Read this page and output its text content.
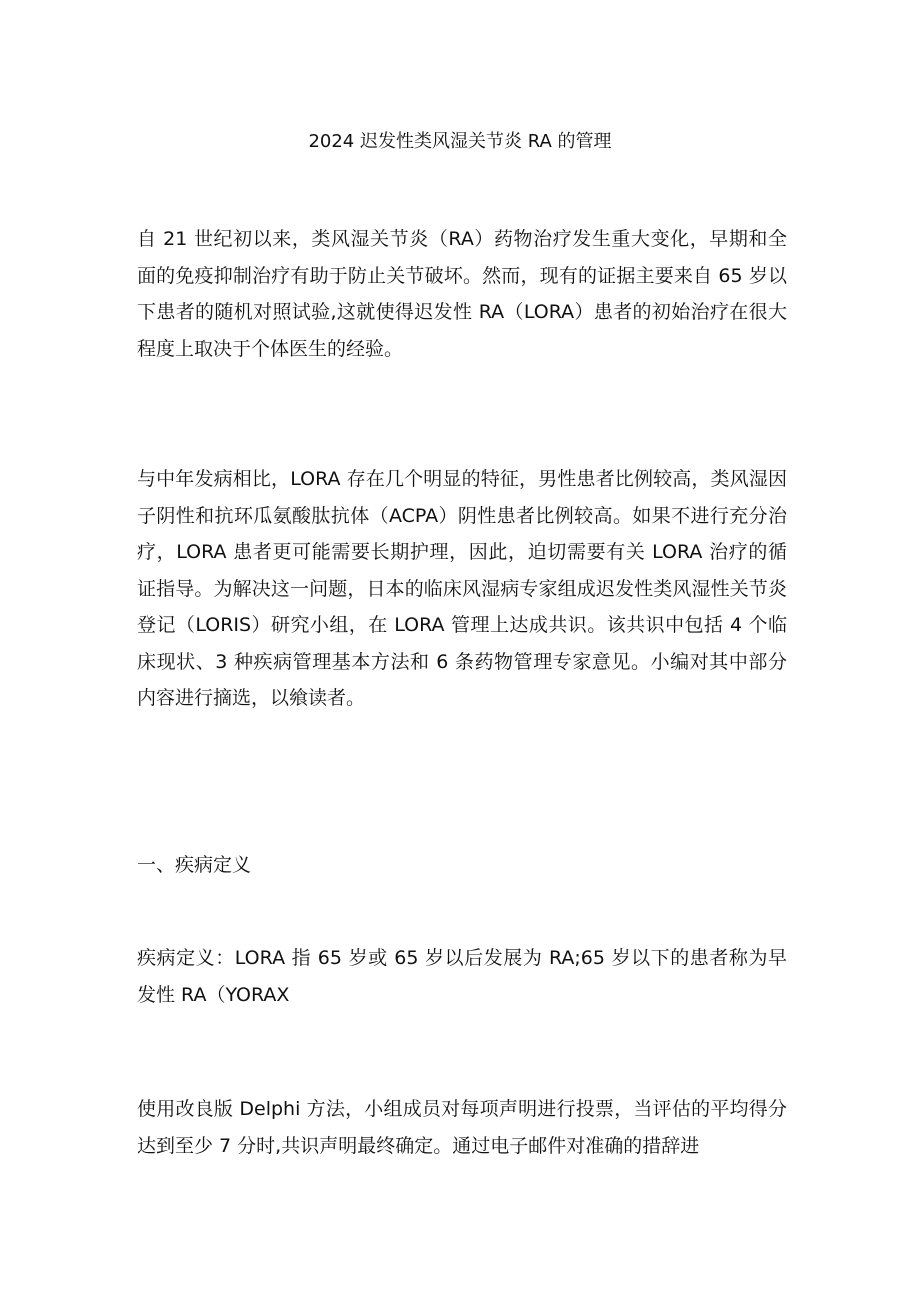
2024 迟发性类风湿关节炎 RA 的管理

自 21 世纪初以来，类风湿关节炎（RA）药物治疗发生重大变化，早期和全面的免疫抑制治疗有助于防止关节破坏。然而，现有的证据主要来自 65 岁以下患者的随机对照试验,这就使得迟发性 RA（LORA）患者的初始治疗在很大程度上取决于个体医生的经验。

与中年发病相比，LORA 存在几个明显的特征，男性患者比例较高，类风湿因子阴性和抗环瓜氨酸肽抗体（ACPA）阴性患者比例较高。如果不进行充分治疗，LORA 患者更可能需要长期护理，因此，迫切需要有关 LORA 治疗的循证指导。为解决这一问题，日本的临床风湿病专家组成迟发性类风湿性关节炎登记（LORIS）研究小组，在 LORA 管理上达成共识。该共识中包括 4 个临床现状、3 种疾病管理基本方法和 6 条药物管理专家意见。小编对其中部分内容进行摘选，以飨读者。

一、疾病定义

疾病定义：LORA 指 65 岁或 65 岁以后发展为 RA;65 岁以下的患者称为早发性 RA（YORAX

使用改良版 Delphi 方法，小组成员对每项声明进行投票，当评估的平均得分达到至少 7 分时,共识声明最终确定。通过电子邮件对准确的措辞进
